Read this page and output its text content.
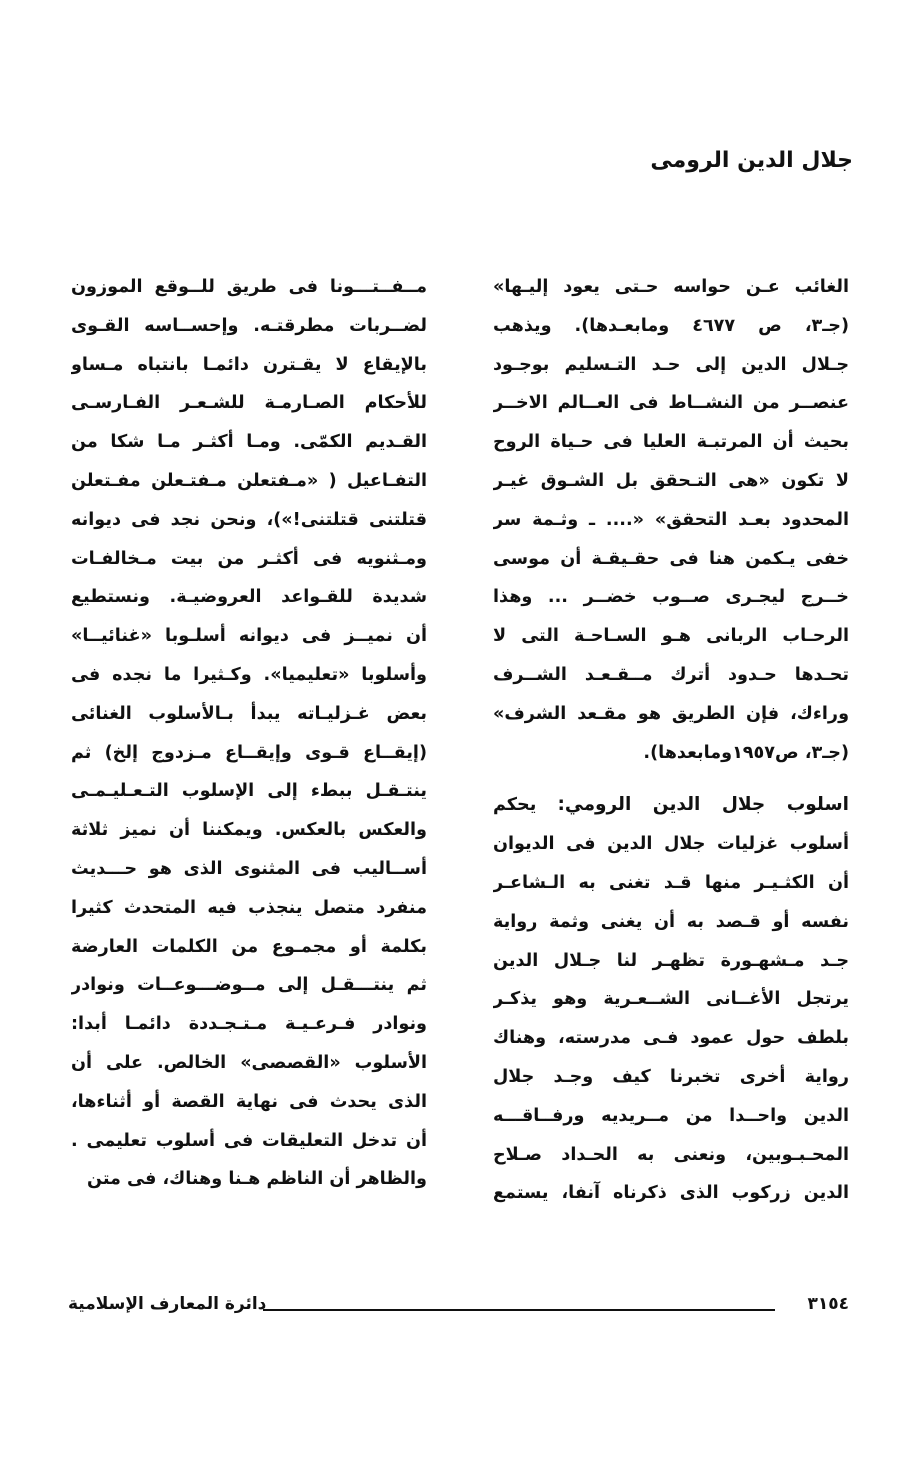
جلال الدين الرومى
الغائب عـن حواسه حـتى يعود إليـها»
(جـ٣، ص ٤٦٧٧ ومابعـدها). ويذهب
جـلال الدين إلى حـد التـسليم بوجـود
عنصــر من النشــاط فى العــالم الاخــر
بحيث أن المرتبـة العليا فى حـياة الروح
لا تكون «هى التـحقق بل الشـوق غيـر
المحدود بعـد التحقق» «.... ـ وثـمة سر
خفى يـكمن هنا فى حقـيقـة أن موسى
خــرج ليجـرى صــوب خضــر ... وهذا
الرحـاب الربانى هـو السـاحـة التى لا
تحـدها حـدود أترك مــقـعـد الشــرف
وراءك، فإن الطريق هو مقـعد الشرف»
(جـ٣، ص١٩٥٧ومابعدها).
اسلوب جلال الدين الرومي: يحكم
أسلوب غزليات جلال الدين فى الديوان
أن الكثـيـر منها قـد تغنى به الـشاعـر
نفسه أو قـصد به أن يغنى وثمة رواية
جـد مـشهـورة تظهـر لنا جـلال الدين
يرتجل الأغــانى الشــعـرية وهو يذكـر
بلطف حول عمود فـى مدرسته، وهناك
رواية أخرى تخبرنا كيف وجـد جلال
الدين واحــدا من مــريديه ورفــاقـــه
المحـبـوبين، ونعنى به الحـداد صـلاح
الدين زركوب الذى ذكرناه آنفا، يستمع
مــفــتـــونا فى طريق للــوقع الموزون
لضــربات مطرقتـه. وإحســاسه القـوى
بالإيقاع لا يقـترن دائمـا بانتباه مـساو
للأحكام الصـارمـة للشـعـر الفـارسـى
القـديم الكمّى. ومـا أكثـر مـا شكا من
التفـاعيل ( «مـفتعلن مـفتـعلن مفـتعلن
قتلتنى قتلتنى!»)، ونحن نجد فى ديوانه
ومـثنويه فى أكثـر من بيت مـخالفـات
شديدة للقـواعد العروضيـة. ونستطيع
أن نميــز فى ديوانه أسلـوبا «غنائيــا»
وأسلوبا «تعليميا». وكـثيرا ما نجده فى
بعض غـزليـاته يبدأ بـالأسلوب الغنائى
(إيقــاع قـوى وإيقــاع مـزدوج إلخ) ثم
ينتـقـل ببطء إلى الإسلوب التـعـليـمـى
والعكس بالعكس. ويمكننا أن نميز ثلاثة
أســاليب فى المثنوى الذى هو حـــديث
منفرد متصل ينجذب فيه المتحدث كثيرا
بكلمة أو مجمـوع من الكلمات العارضة
ثم ينتـــقـل إلى مــوضـــوعــات ونوادر
ونوادر فـرعـيـة مـتـجـددة دائمـا أبدا:
الأسلوب «القصصى» الخالص. على أن
الذى يحدث فى نهاية القصة أو أثناءها،
أن تدخل التعليقات فى أسلوب تعليمى .
والظاهر أن الناظم هـنا وهناك، فى متن
٣١٥٤
دائرة المعارف الإسلامية
